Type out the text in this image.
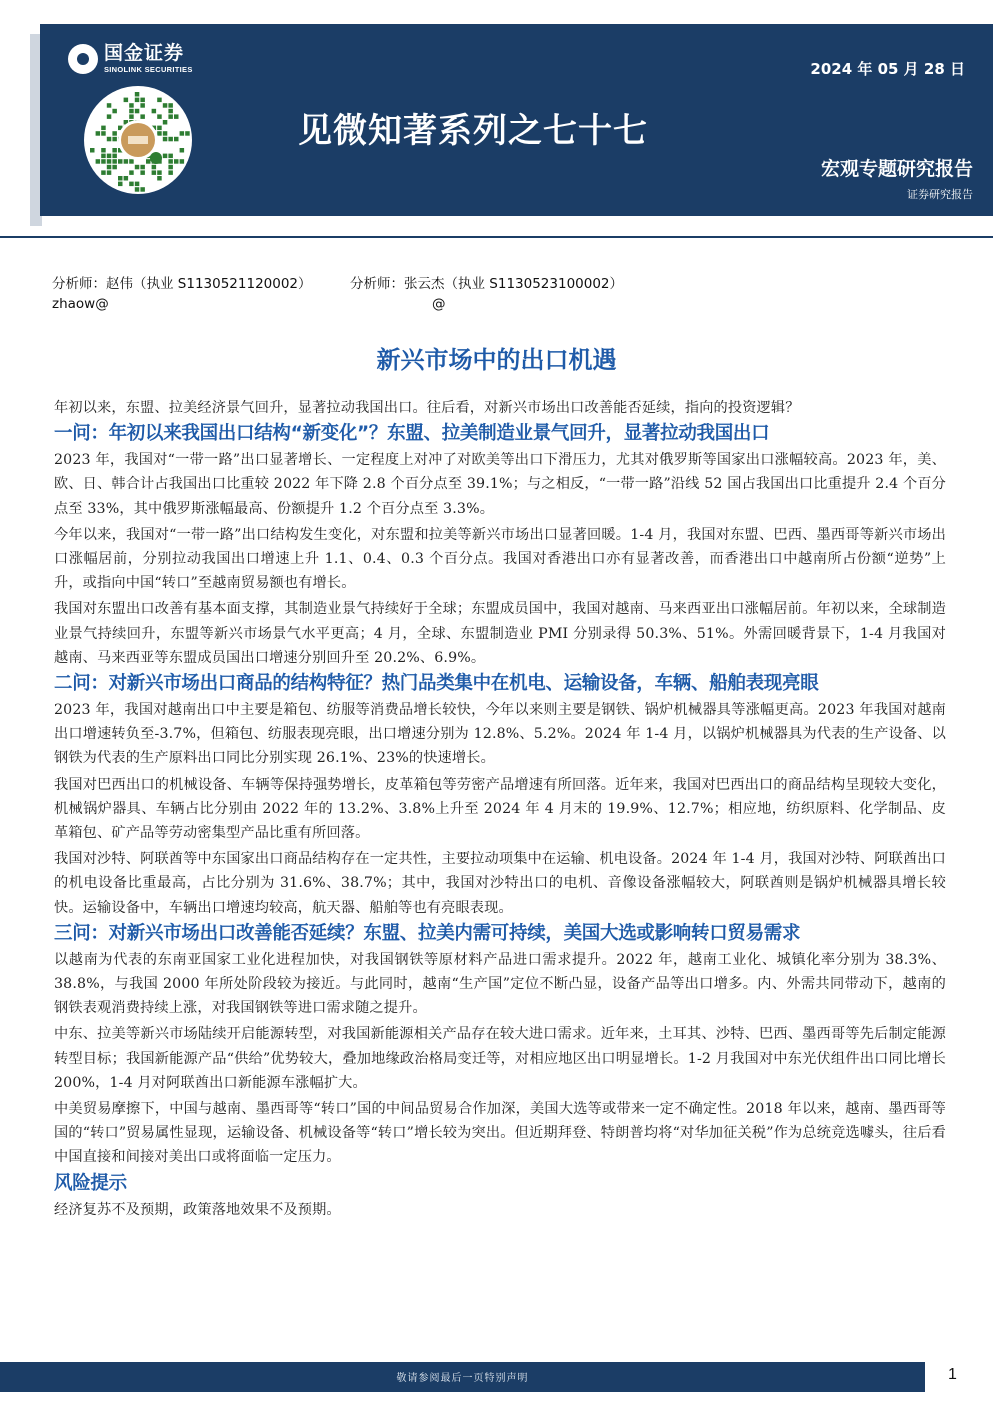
国金证券
SINOLINK SECURITIES	2024 年 05 月 28 日
见微知著系列之七十七
宏观专题研究报告
证券研究报告
分析师：赵伟（执业 S1130521120002）	分析师：张云杰（执业 S1130523100002）
zhaow@	@
新兴市场中的出口机遇

年初以来，东盟、拉美经济景气回升，显著拉动我国出口。往后看，对新兴市场出口改善能否延续，指向的投资逻辑？

一问：年初以来我国出口结构“新变化”？东盟、拉美制造业景气回升，显著拉动我国出口

2023 年，我国对“一带一路”出口显著增长、一定程度上对冲了对欧美等出口下滑压力，尤其对俄罗斯等国家出口涨幅较高。2023 年，美、欧、日、韩合计占我国出口比重较 2022 年下降 2.8 个百分点至 39.1%；与之相反，“一带一路”沿线 52 国占我国出口比重提升 2.4 个百分点至 33%，其中俄罗斯涨幅最高、份额提升 1.2 个百分点至 3.3%。

今年以来，我国对“一带一路”出口结构发生变化，对东盟和拉美等新兴市场出口显著回暖。1-4 月，我国对东盟、巴西、墨西哥等新兴市场出口涨幅居前，分别拉动我国出口增速上升 1.1、0.4、0.3 个百分点。我国对香港出口亦有显著改善，而香港出口中越南所占份额“逆势”上升，或指向中国“转口”至越南贸易额也有增长。

我国对东盟出口改善有基本面支撑，其制造业景气持续好于全球；东盟成员国中，我国对越南、马来西亚出口涨幅居前。年初以来，全球制造业景气持续回升，东盟等新兴市场景气水平更高；4 月，全球、东盟制造业 PMI 分别录得 50.3%、51%。外需回暖背景下，1-4 月我国对越南、马来西亚等东盟成员国出口增速分别回升至 20.2%、6.9%。

二问：对新兴市场出口商品的结构特征？热门品类集中在机电、运输设备，车辆、船舶表现亮眼

2023 年，我国对越南出口中主要是箱包、纺服等消费品增长较快，今年以来则主要是钢铁、锅炉机械器具等涨幅更高。2023 年我国对越南出口增速转负至-3.7%，但箱包、纺服表现亮眼，出口增速分别为 12.8%、5.2%。2024 年 1-4 月，以锅炉机械器具为代表的生产设备、以钢铁为代表的生产原料出口同比分别实现 26.1%、23%的快速增长。

我国对巴西出口的机械设备、车辆等保持强势增长，皮革箱包等劳密产品增速有所回落。近年来，我国对巴西出口的商品结构呈现较大变化，机械锅炉器具、车辆占比分别由 2022 年的 13.2%、3.8%上升至 2024 年 4 月末的 19.9%、12.7%；相应地，纺织原料、化学制品、皮革箱包、矿产品等劳动密集型产品比重有所回落。

我国对沙特、阿联酋等中东国家出口商品结构存在一定共性，主要拉动项集中在运输、机电设备。2024 年 1-4 月，我国对沙特、阿联酋出口的机电设备比重最高，占比分别为 31.6%、38.7%；其中，我国对沙特出口的电机、音像设备涨幅较大，阿联酋则是锅炉机械器具增长较快。运输设备中，车辆出口增速均较高，航天器、船舶等也有亮眼表现。

三问：对新兴市场出口改善能否延续？东盟、拉美内需可持续，美国大选或影响转口贸易需求

以越南为代表的东南亚国家工业化进程加快，对我国钢铁等原材料产品进口需求提升。2022 年，越南工业化、城镇化率分别为 38.3%、38.8%，与我国 2000 年所处阶段较为接近。与此同时，越南“生产国”定位不断凸显，设备产品等出口增多。内、外需共同带动下，越南的钢铁表观消费持续上涨，对我国钢铁等进口需求随之提升。

中东、拉美等新兴市场陆续开启能源转型，对我国新能源相关产品存在较大进口需求。近年来，土耳其、沙特、巴西、墨西哥等先后制定能源转型目标；我国新能源产品“供给”优势较大，叠加地缘政治格局变迁等，对相应地区出口明显增长。1-2 月我国对中东光伏组件出口同比增长 200%，1-4 月对阿联酋出口新能源车涨幅扩大。

中美贸易摩擦下，中国与越南、墨西哥等“转口”国的中间品贸易合作加深，美国大选等或带来一定不确定性。2018 年以来，越南、墨西哥等国的“转口”贸易属性显现，运输设备、机械设备等“转口”增长较为突出。但近期拜登、特朗普均将“对华加征关税”作为总统竞选噱头，往后看中国直接和间接对美出口或将面临一定压力。

风险提示

经济复苏不及预期，政策落地效果不及预期。

敬请参阅最后一页特别声明	1
